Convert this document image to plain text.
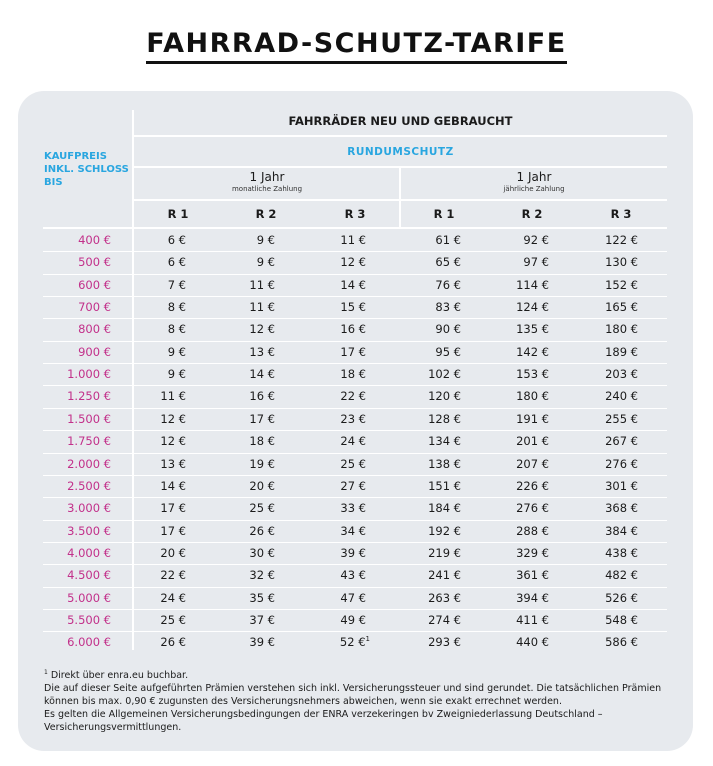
FAHRRAD-SCHUTZ-TARIFE
FAHRRÄDER NEU UND GEBRAUCHT
RUNDUMSCHUTZ
KAUFPREIS INKL. SCHLOSS BIS	1 Jahr
monatliche Zahlung
1 Jahr
jährliche Zahlung
R 1	R 2	R 3	R 1	R 2	R 3
400 €	6 €	9 €	11 €	61 €	92 €	122 €
500 €	6 €	9 €	12 €	65 €	97 €	130 €
600 €	7 €	11 €	14 €	76 €	114 €	152 €
700 €	8 €	11 €	15 €	83 €	124 €	165 €
800 €	8 €	12 €	16 €	90 €	135 €	180 €
900 €	9 €	13 €	17 €	95 €	142 €	189 €
1.000 €	9 €	14 €	18 €	102 €	153 €	203 €
1.250 €	11 €	16 €	22 €	120 €	180 €	240 €
1.500 €	12 €	17 €	23 €	128 €	191 €	255 €
1.750 €	12 €	18 €	24 €	134 €	201 €	267 €
2.000 €	13 €	19 €	25 €	138 €	207 €	276 €
2.500 €	14 €	20 €	27 €	151 €	226 €	301 €
3.000 €	17 €	25 €	33 €	184 €	276 €	368 €
3.500 €	17 €	26 €	34 €	192 €	288 €	384 €
4.000 €	20 €	30 €	39 €	219 €	329 €	438 €
4.500 €	22 €	32 €	43 €	241 €	361 €	482 €
5.000 €	24 €	35 €	47 €	263 €	394 €	526 €
5.500 €	25 €	37 €	49 €	274 €	411 €	548 €
6.000 €	26 €	39 €	52 €$^1$	293 €	440 €	586 €
$^1$ Direkt über enra.eu buchbar.
Die auf dieser Seite aufgeführten Prämien verstehen sich inkl. Versicherungssteuer und sind gerundet. Die tatsächlichen Prämien können bis max. 0,90 € zugunsten des Versicherungsnehmers abweichen, wenn sie exakt errechnet werden.
Es gelten die Allgemeinen Versicherungsbedingungen der ENRA verzekeringen bv Zweigniederlassung Deutschland – Versicherungsvermittlungen.
